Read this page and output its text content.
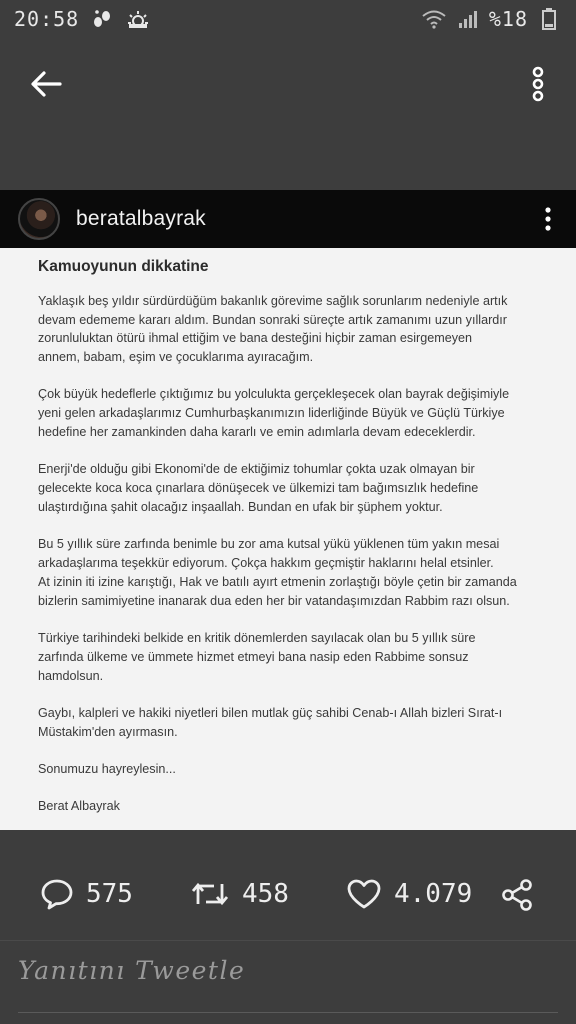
20:58	%18
beratalbayrak
Kamuoyunun dikkatine
Yaklaşık beş yıldır sürdürdüğüm bakanlık görevime sağlık sorunlarım nedeniyle artık
devam edememe kararı aldım. Bundan sonraki süreçte artık zamanımı uzun yıllardır
zorunluluktan ötürü ihmal ettiğim ve bana desteğini hiçbir zaman esirgemeyen
annem, babam, eşim ve çocuklarıma ayıracağım.
Çok büyük hedeflerle çıktığımız bu yolculukta gerçekleşecek olan bayrak değişimiyle
yeni gelen arkadaşlarımız Cumhurbaşkanımızın liderliğinde Büyük ve Güçlü Türkiye
hedefine her zamankinden daha kararlı ve emin adımlarla devam edeceklerdir.
Enerji'de olduğu gibi Ekonomi'de de ektiğimiz tohumlar çokta uzak olmayan bir
gelecekte koca koca çınarlara dönüşecek ve ülkemizi tam bağımsızlık hedefine
ulaştırdığına şahit olacağız inşaallah. Bundan en ufak bir şüphem yoktur.
Bu 5 yıllık süre zarfında benimle bu zor ama kutsal yükü yüklenen tüm yakın mesai
arkadaşlarıma teşekkür ediyorum. Çokça hakkım geçmiştir haklarını helal etsinler.
At izinin iti izine karıştığı, Hak ve batılı ayırt etmenin zorlaştığı böyle çetin bir zamanda
bizlerin samimiyetine inanarak dua eden her bir vatandaşımızdan Rabbim razı olsun.
Türkiye tarihindeki belkide en kritik dönemlerden sayılacak olan bu 5 yıllık süre
zarfında ülkeme ve ümmete hizmet etmeyi bana nasip eden Rabbime sonsuz
hamdolsun.
Gaybı, kalpleri ve hakiki niyetleri bilen mutlak güç sahibi Cenab-ı Allah bizleri Sırat-ı
Müstakim'den ayırmasın.
Sonumuzu hayreylesin...
Berat Albayrak
575	458	4.079
Yanıtını Tweetle
